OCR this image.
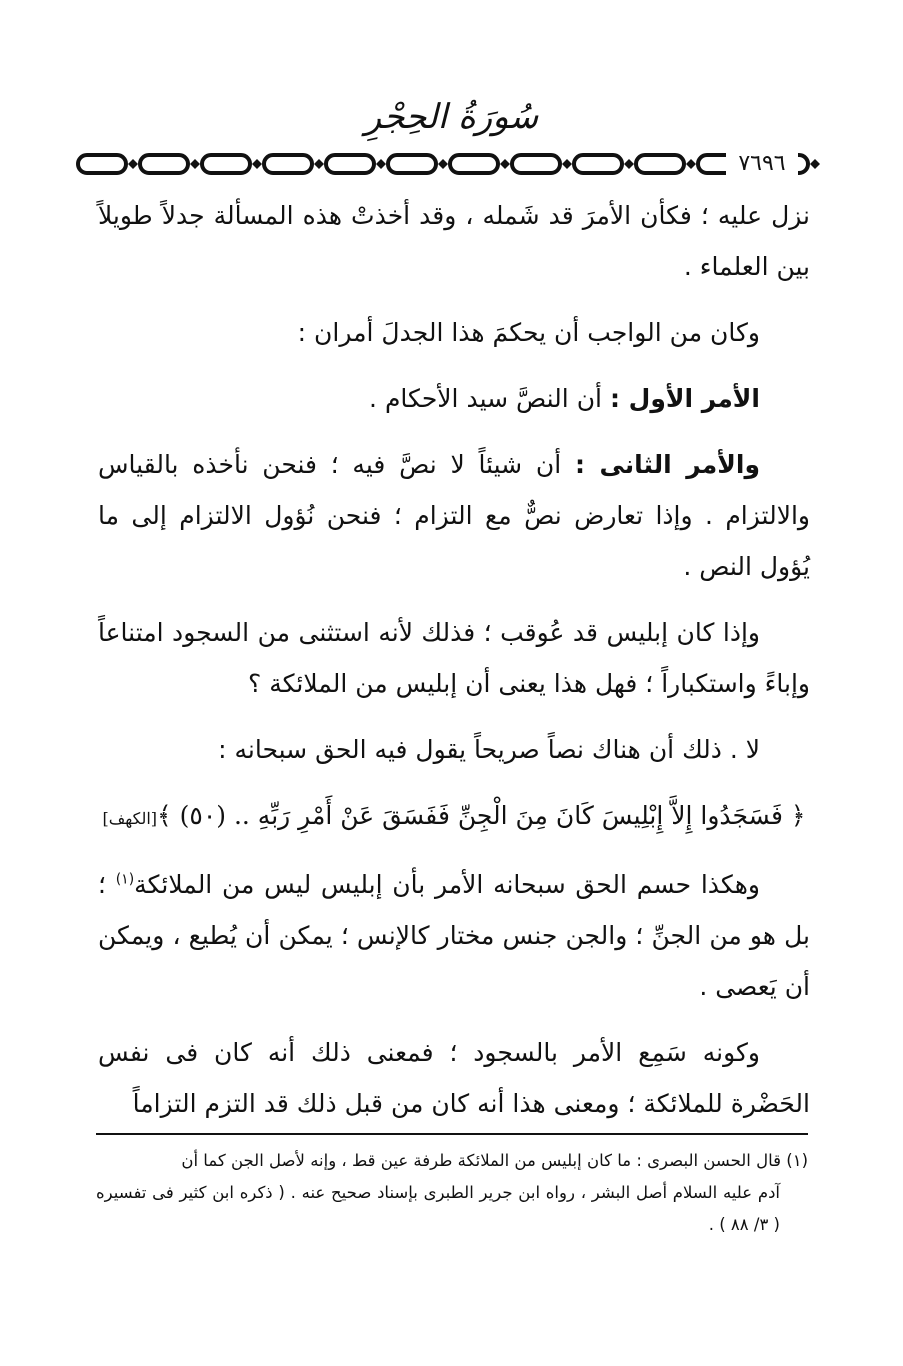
سُورَةُ الحِجْرِ
٧٦٩٦

نزل عليه ؛ فكأن الأمرَ قد شَمله ، وقد أخذتْ هذه المسألة جدلاً طويلاً بين العلماء .

وكان من الواجب أن يحكمَ هذا الجدلَ أمران :

الأمر الأول : أن النصَّ سيد الأحكام .

والأمر الثانى : أن شيئاً لا نصَّ فيه ؛ فنحن نأخذه بالقياس والالتزام . وإذا تعارض نصٌّ مع التزام ؛ فنحن نُؤول الالتزام إلى ما يُؤول النص .

وإذا كان إبليس قد عُوقب ؛ فذلك لأنه استثنى من السجود امتناعاً وإباءً واستكباراً ؛ فهل هذا يعنى أن إبليس من الملائكة ؟

لا . ذلك أن هناك نصاً صريحاً يقول فيه الحق سبحانه :

﴿ فَسَجَدُوا إِلاَّ إِبْلِيسَ كَانَ مِنَ الْجِنِّ فَفَسَقَ عَنْ أَمْرِ رَبِّهِ .. (٥٠) ﴾[الكهف]

وهكذا حسم الحق سبحانه الأمر بأن إبليس ليس من الملائكة$^{(١)}$ ؛ بل هو من الجنِّ ؛ والجن جنس مختار كالإنس ؛ يمكن أن يُطيع ، ويمكن أن يَعصى .

وكونه سَمِع الأمر بالسجود ؛ فمعنى ذلك أنه كان فى نفس الحَضْرة للملائكة ؛ ومعنى هذا أنه كان من قبل ذلك قد التزم التزاماً

(١) قال الحسن البصرى : ما كان إبليس من الملائكة طرفة عين قط ، وإنه لأصل الجن كما أن

آدم عليه السلام أصل البشر ، رواه ابن جرير الطبرى بإسناد صحيح عنه . ( ذكره ابن كثير فى تفسيره ( ٣/ ٨٨ ) .
